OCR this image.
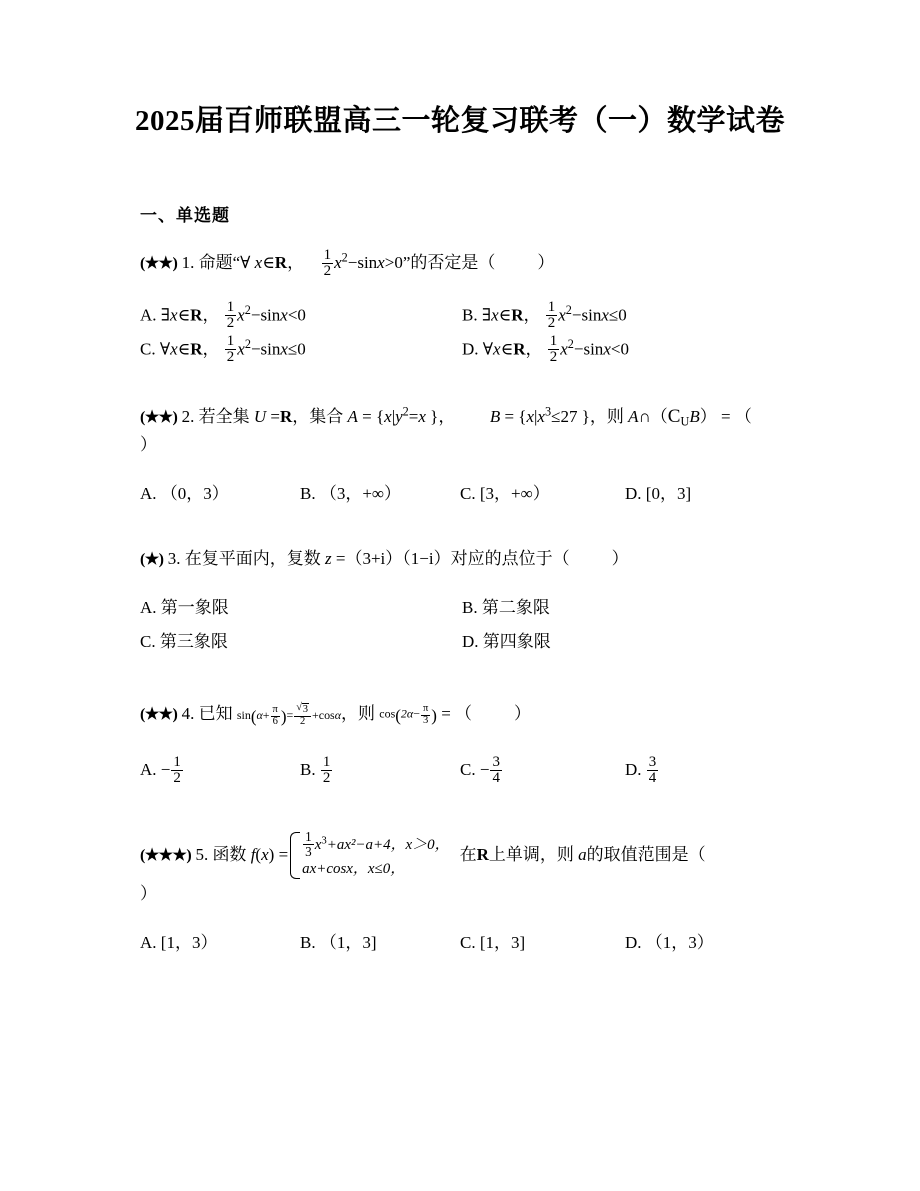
2025届百师联盟高三一轮复习联考（一）数学试卷
一、单选题
(★★) 1. 命题“∀ x∈R， $\frac{1}{2} x^2-\sin x>0$”的否定是（ ）
A. ∃x∈R， $\frac{1}{2} x^2-\sin x<0$	B. ∃x∈R， $\frac{1}{2} x^2-\sin x\le 0$
C. ∀x∈R， $\frac{1}{2} x^2-\sin x\le 0$	D. ∀x∈R， $\frac{1}{2} x^2-\sin x<0$
(★★) 2. 若全集 U =R，集合 $A = \{x|y^2=x$ }， $B = \{x|x^3\le 27$ }，则 $A\cap(C_UB)$ = （
）
A. （0，3）	B. （3，+∞）	C. [3，+∞）	D. [0，3]
(★) 3. 在复平面内，复数 z =（3+i）（1−i）对应的点位于（ ）
A. 第一象限	B. 第二象限
C. 第三象限	D. 第四象限
(★★) 4. 已知 $\sin(\alpha+ \frac{\pi}{6}$ )= √ $\frac{3}{2} +\cos\alpha$，则 $\cos(2\alpha- \frac{\pi}{3}$ ) = （ ）
A. − $\frac{1}{2}$	B. $\frac{1}{2}$	C. − $\frac{3}{4}$	D. $\frac{3}{4}$
(★★★) 5. 函数 $f(x) = \frac{1}{3} x^3+ax^2-a+4$，x＞0，
ax+cosx，x≤0，
在R上单调，则 a的取值范围是（
）
A. [1，3）	B. （1，3]	C. [1，3]	D. （1，3）
